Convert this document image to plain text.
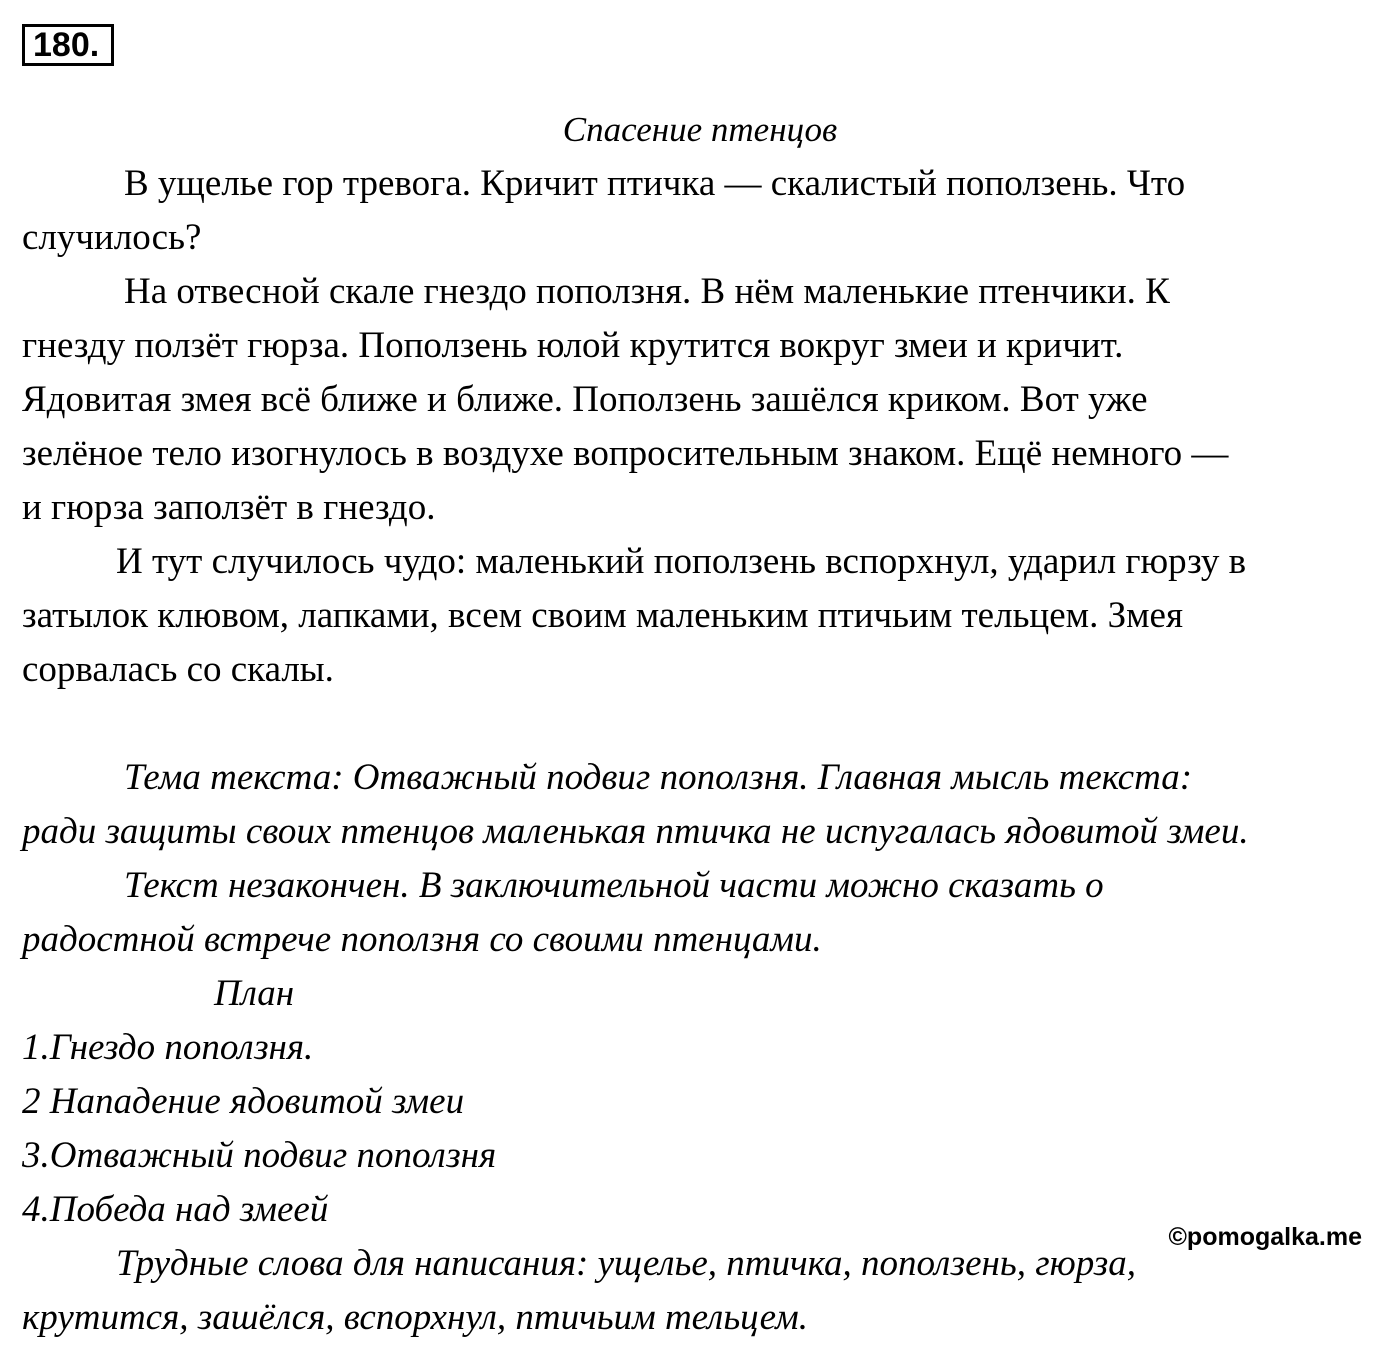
180.
Спасение птенцов
В ущелье гор тревога. Кричит птичка — скалистый поползень. Что
случилось?
На отвесной скале гнездо поползня. В нём маленькие птенчики. К
гнезду ползёт гюрза. Поползень юлой крутится вокруг змеи и кричит.
Ядовитая змея всё ближе и ближе. Поползень зашёлся криком. Вот уже
зелёное тело изогнулось в воздухе вопросительным знаком. Ещё немного —
и гюрза заползёт в гнездо.
И тут случилось чудо: маленький поползень вспорхнул, ударил гюрзу в
затылок клювом, лапками, всем своим маленьким птичьим тельцем. Змея
сорвалась со скалы.
Тема текста: Отважный подвиг поползня. Главная мысль текста:
ради защиты своих птенцов маленькая птичка не испугалась ядовитой змеи.
Текст незакончен. В заключительной части можно сказать о
радостной встрече поползня со своими птенцами.
План
1.Гнездо поползня.
2 Нападение ядовитой змеи
3.Отважный подвиг поползня
4.Победа над змеей
Трудные слова для написания: ущелье, птичка, поползень, гюрза,
крутится, зашёлся, вспорхнул, птичьим тельцем.
©pomogalka.me
